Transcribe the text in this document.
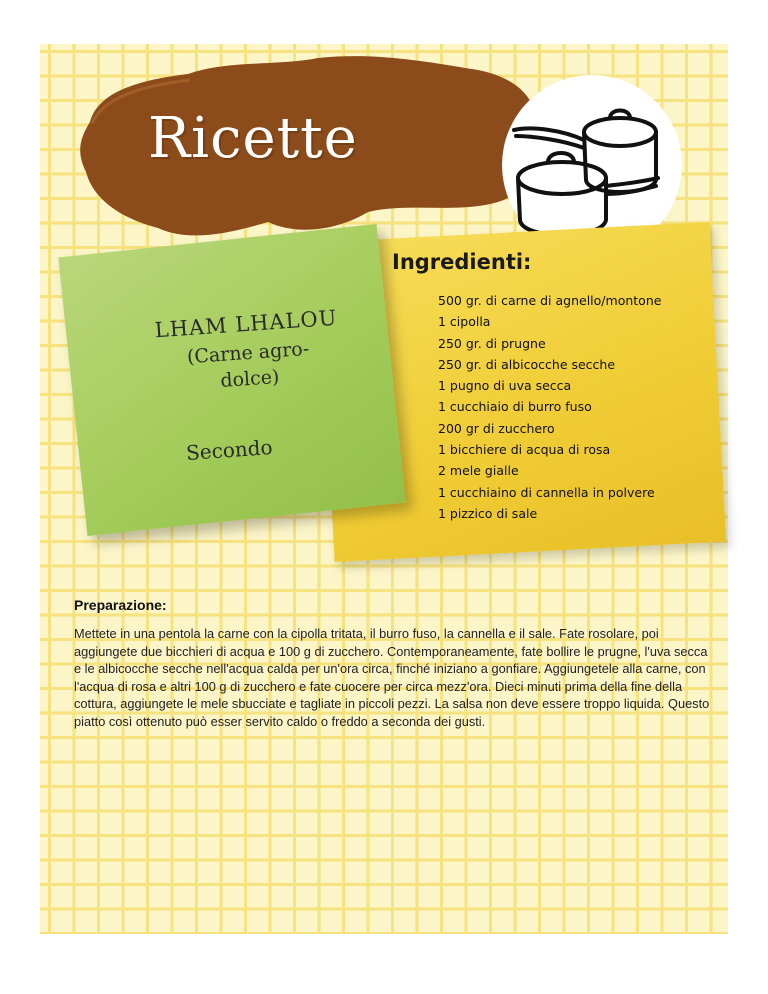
Ricette
Ingredienti:
500 gr. di carne di agnello/montone
1 cipolla
250 gr. di prugne
250 gr. di albicocche secche
1 pugno di uva secca
1 cucchiaio di burro fuso
200 gr di zucchero
1 bicchiere di acqua di rosa
2 mele gialle
1 cucchiaino di cannella in polvere
1 pizzico di sale
LHAM LHALOU
(Carne agro-
dolce)
Secondo
Preparazione:

Mettete in una pentola la carne con la cipolla tritata, il burro fuso, la cannella e il sale. Fate rosolare, poi aggiungete due bicchieri di acqua e 100 g di zucchero. Contemporaneamente, fate bollire le prugne, l'uva secca e le albicocche secche nell'acqua calda per un'ora circa, finché iniziano a gonfiare. Aggiungetele alla carne, con l'acqua di rosa e altri 100 g di zucchero e fate cuocere per circa mezz'ora. Dieci minuti prima della fine della cottura, aggiungete le mele sbucciate e tagliate in piccoli pezzi. La salsa non deve essere troppo liquida. Questo piatto così ottenuto può esser servito caldo o freddo a seconda dei gusti.
